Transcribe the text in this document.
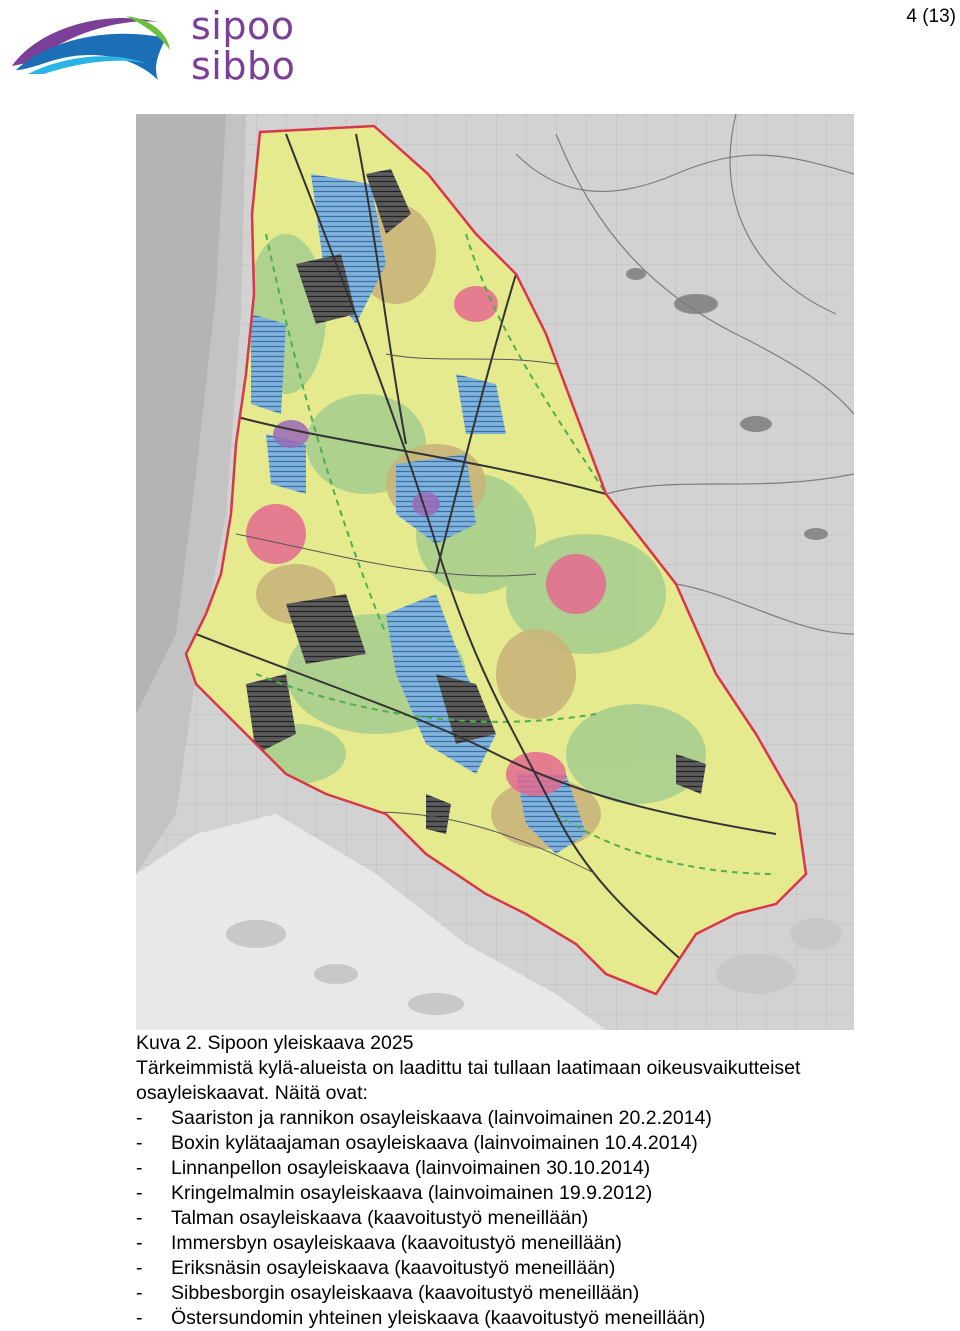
sipoo
sibbo
4 (13)

Kuva 2. Sipoon yleiskaava 2025

Tärkeimmistä kylä-alueista on laadittu tai tullaan laatimaan oikeusvaikutteiset

osayleiskaavat. Näitä ovat:

-	Saariston ja rannikon osayleiskaava (lainvoimainen 20.2.2014)
-	Boxin kylätaajaman osayleiskaava (lainvoimainen 10.4.2014)
-	Linnanpellon osayleiskaava (lainvoimainen 30.10.2014)
-	Kringelmalmin osayleiskaava (lainvoimainen 19.9.2012)
-	Talman osayleiskaava (kaavoitustyö meneillään)
-	Immersbyn osayleiskaava (kaavoitustyö meneillään)
-	Eriksnäsin osayleiskaava (kaavoitustyö meneillään)
-	Sibbesborgin osayleiskaava (kaavoitustyö meneillään)
-	Östersundomin yhteinen yleiskaava (kaavoitustyö meneillään)
